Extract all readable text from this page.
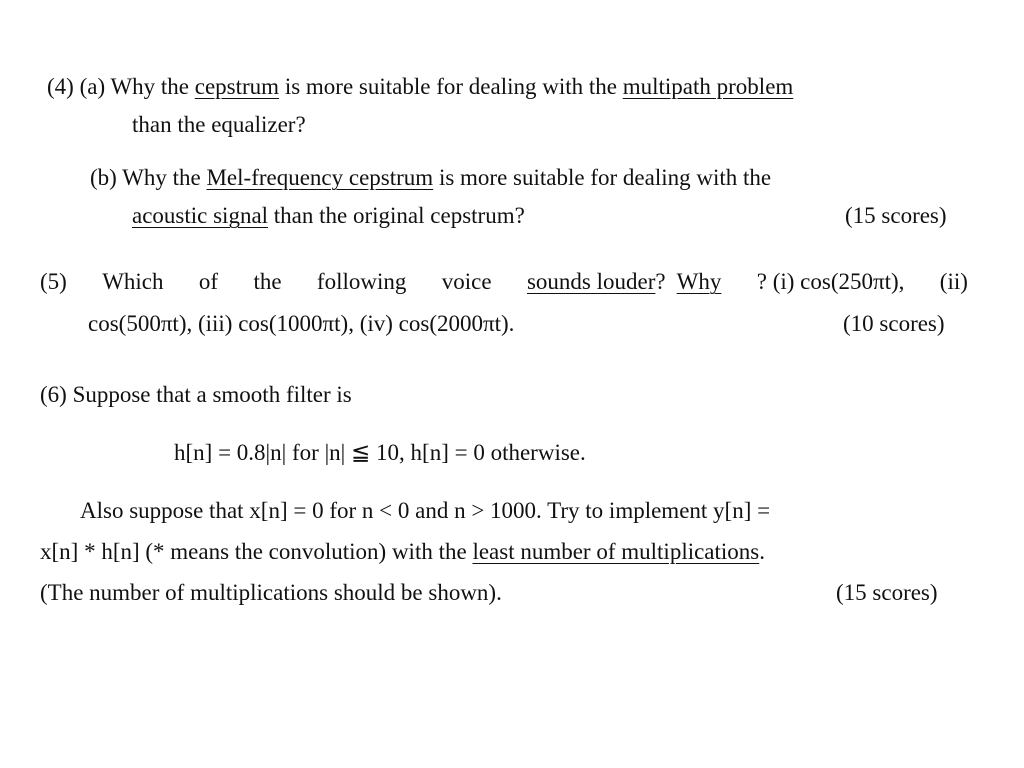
(4) (a) Why the cepstrum is more suitable for dealing with the multipath problem
than the equalizer?
(b) Why the Mel-frequency cepstrum is more suitable for dealing with the
acoustic signal than the original cepstrum?	(15 scores)
(5) Which of the following voice sounds louder? Why ? (i) cos(250πt), (ii)
cos(500πt), (iii) cos(1000πt), (iv) cos(2000πt).	(10 scores)
(6) Suppose that a smooth filter is
h[n] = 0.8|n| for |n| ≦ 10, h[n] = 0 otherwise.
Also suppose that x[n] = 0 for n < 0 and n > 1000. Try to implement y[n] =
x[n] * h[n] (* means the convolution) with the least number of multiplications.
(The number of multiplications should be shown).	(15 scores)
